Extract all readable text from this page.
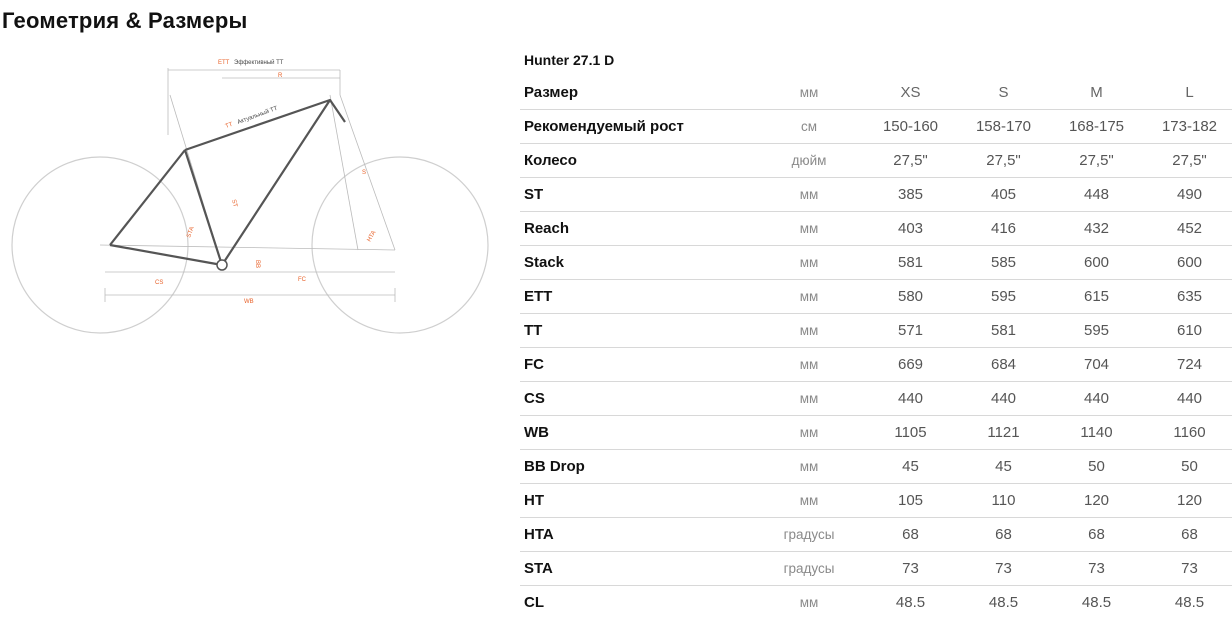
Геометрия & Размеры
ETT Эффективный TT
R
TT Актуальный TT
S
ST
STA	HTA
BB
CS	FC
WB
Hunter 27.1 D
Размер	мм	XS	S	M	L
Рекомендуемый рост	см	150-160	158-170	168-175	173-182
Колесо	дюйм	27,5"	27,5"	27,5"	27,5"
ST	мм	385	405	448	490
Reach	мм	403	416	432	452
Stack	мм	581	585	600	600
ETT	мм	580	595	615	635
TT	мм	571	581	595	610
FC	мм	669	684	704	724
CS	мм	440	440	440	440
WB	мм	1105	1121	1140	1160
BB Drop	мм	45	45	50	50
HT	мм	105	110	120	120
HTA	градусы	68	68	68	68
STA	градусы	73	73	73	73
CL	мм	48.5	48.5	48.5	48.5
